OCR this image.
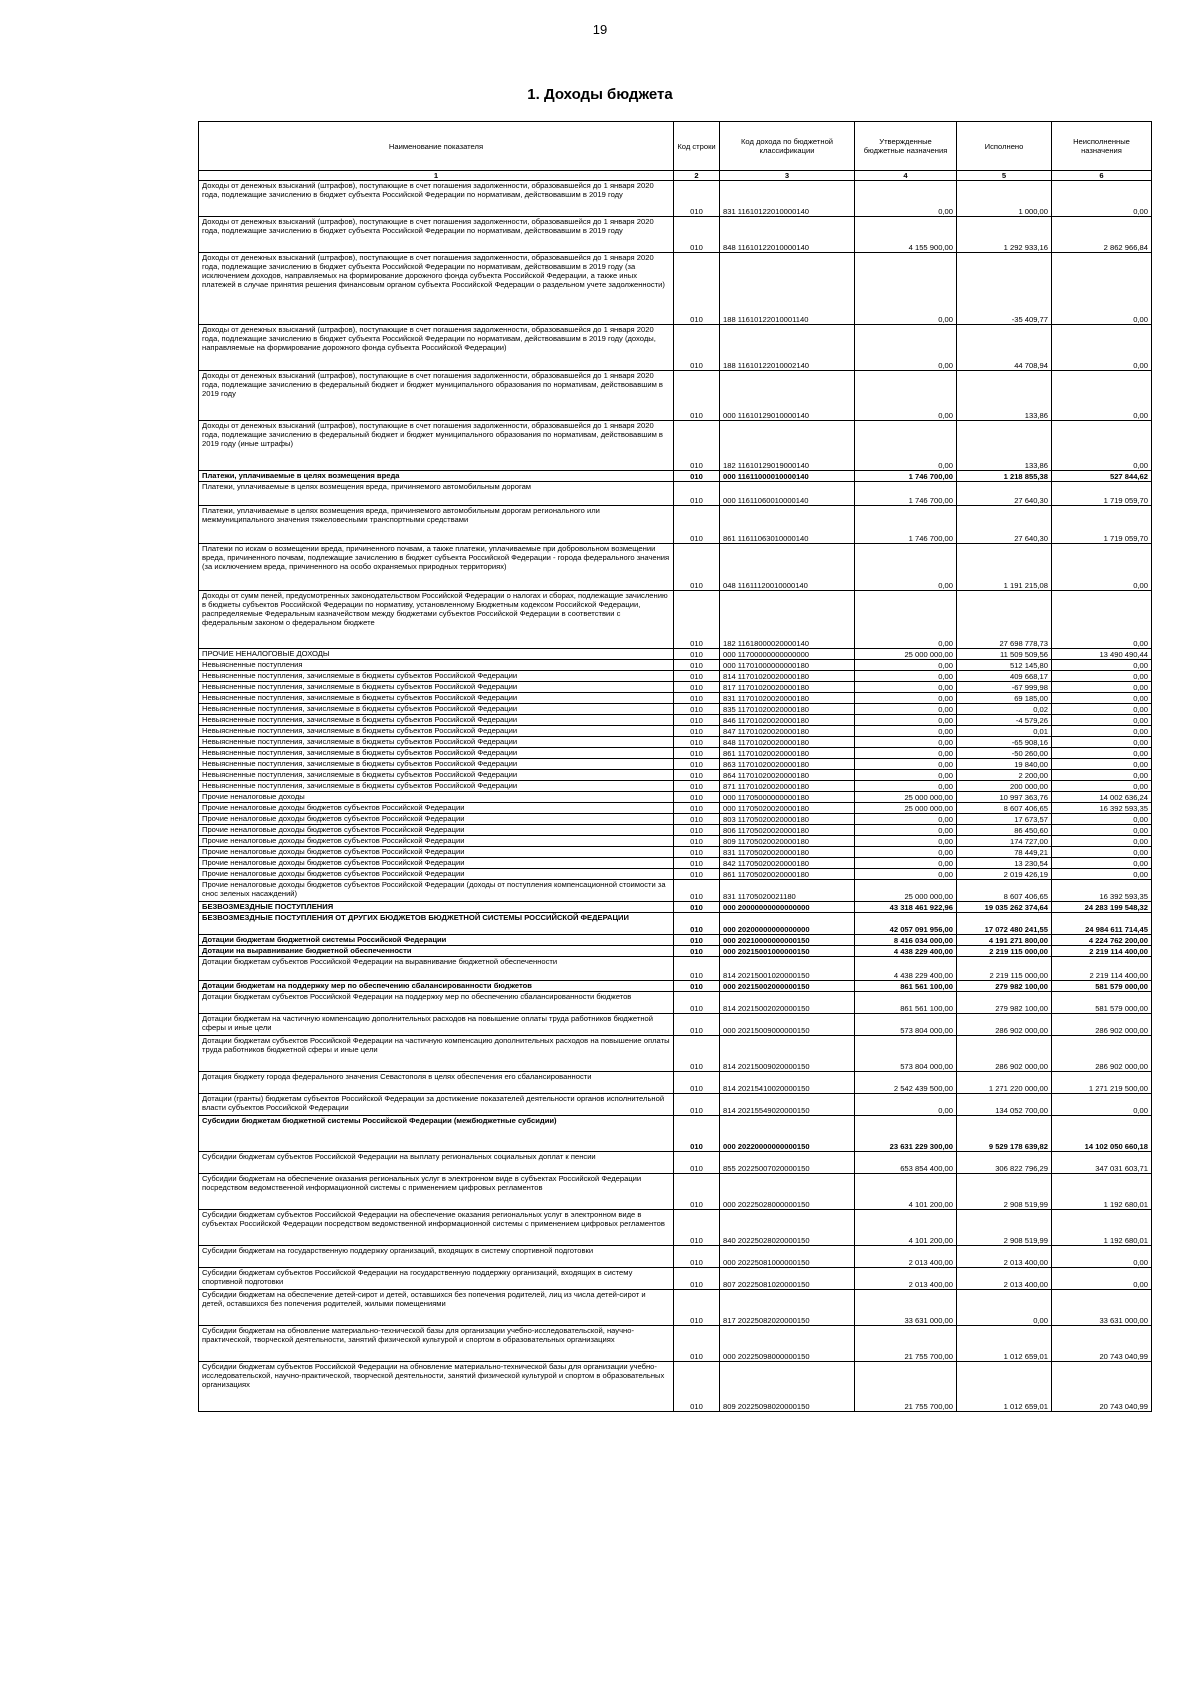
19
1. Доходы бюджета
Наименование показателя	Код строки	Код дохода по бюджетной классификации	Утвержденные бюджетные назначения	Исполнено	Неисполненные назначения
1	2	3	4	5	6
Доходы от денежных взысканий (штрафов), поступающие в счет погашения задолженности, образовавшейся до 1 января 2020 года, подлежащие зачислению в бюджет субъекта Российской Федерации по нормативам, действовавшим в 2019 году	010	831 11610122010000140	0,00	1 000,00	0,00
Доходы от денежных взысканий (штрафов), поступающие в счет погашения задолженности, образовавшейся до 1 января 2020 года, подлежащие зачислению в бюджет субъекта Российской Федерации по нормативам, действовавшим в 2019 году	010	848 11610122010000140	4 155 900,00	1 292 933,16	2 862 966,84
Доходы от денежных взысканий (штрафов), поступающие в счет погашения задолженности, образовавшейся до 1 января 2020 года, подлежащие зачислению в бюджет субъекта Российской Федерации по нормативам, действовавшим в 2019 году (за исключением доходов, направляемых на формирование дорожного фонда субъекта Российской Федерации, а также иных платежей в случае принятия решения финансовым органом субъекта Российской Федерации о раздельном учете задолженности)	010	188 11610122010001140	0,00	-35 409,77	0,00
Доходы от денежных взысканий (штрафов), поступающие в счет погашения задолженности, образовавшейся до 1 января 2020 года, подлежащие зачислению в бюджет субъекта Российской Федерации по нормативам, действовавшим в 2019 году (доходы, направляемые на формирование дорожного фонда субъекта Российской Федерации)	010	188 11610122010002140	0,00	44 708,94	0,00
Доходы от денежных взысканий (штрафов), поступающие в счет погашения задолженности, образовавшейся до 1 января 2020 года, подлежащие зачислению в федеральный бюджет и бюджет муниципального образования по нормативам, действовавшим в 2019 году	010	000 11610129010000140	0,00	133,86	0,00
Доходы от денежных взысканий (штрафов), поступающие в счет погашения задолженности, образовавшейся до 1 января 2020 года, подлежащие зачислению в федеральный бюджет и бюджет муниципального образования по нормативам, действовавшим в 2019 году (иные штрафы)	010	182 11610129019000140	0,00	133,86	0,00
Платежи, уплачиваемые в целях возмещения вреда	010	000 11611000010000140	1 746 700,00	1 218 855,38	527 844,62
Платежи, уплачиваемые в целях возмещения вреда, причиняемого автомобильным дорогам	010	000 11611060010000140	1 746 700,00	27 640,30	1 719 059,70
Платежи, уплачиваемые в целях возмещения вреда, причиняемого автомобильным дорогам регионального или межмуниципального значения тяжеловесными транспортными средствами	010	861 11611063010000140	1 746 700,00	27 640,30	1 719 059,70
Платежи по искам о возмещении вреда, причиненного почвам, а также платежи, уплачиваемые при добровольном возмещении вреда, причиненного почвам, подлежащие зачислению в бюджет субъекта Российской Федерации - города федерального значения (за исключением вреда, причиненного на особо охраняемых природных территориях)	010	048 11611120010000140	0,00	1 191 215,08	0,00
Доходы от сумм пеней, предусмотренных законодательством Российской Федерации о налогах и сборах, подлежащие зачислению в бюджеты субъектов Российской Федерации по нормативу, установленному Бюджетным кодексом Российской Федерации, распределяемые Федеральным казначейством между бюджетами субъектов Российской Федерации в соответствии с федеральным законом о федеральном бюджете	010	182 11618000020000140	0,00	27 698 778,73	0,00
ПРОЧИЕ НЕНАЛОГОВЫЕ ДОХОДЫ	010	000 11700000000000000	25 000 000,00	11 509 509,56	13 490 490,44
Невыясненные поступления	010	000 11701000000000180	0,00	512 145,80	0,00
Невыясненные поступления, зачисляемые в бюджеты субъектов Российской Федерации	010	814 11701020020000180	0,00	409 668,17	0,00
Невыясненные поступления, зачисляемые в бюджеты субъектов Российской Федерации	010	817 11701020020000180	0,00	-67 999,98	0,00
Невыясненные поступления, зачисляемые в бюджеты субъектов Российской Федерации	010	831 11701020020000180	0,00	69 185,00	0,00
Невыясненные поступления, зачисляемые в бюджеты субъектов Российской Федерации	010	835 11701020020000180	0,00	0,02	0,00
Невыясненные поступления, зачисляемые в бюджеты субъектов Российской Федерации	010	846 11701020020000180	0,00	-4 579,26	0,00
Невыясненные поступления, зачисляемые в бюджеты субъектов Российской Федерации	010	847 11701020020000180	0,00	0,01	0,00
Невыясненные поступления, зачисляемые в бюджеты субъектов Российской Федерации	010	848 11701020020000180	0,00	-65 908,16	0,00
Невыясненные поступления, зачисляемые в бюджеты субъектов Российской Федерации	010	861 11701020020000180	0,00	-50 260,00	0,00
Невыясненные поступления, зачисляемые в бюджеты субъектов Российской Федерации	010	863 11701020020000180	0,00	19 840,00	0,00
Невыясненные поступления, зачисляемые в бюджеты субъектов Российской Федерации	010	864 11701020020000180	0,00	2 200,00	0,00
Невыясненные поступления, зачисляемые в бюджеты субъектов Российской Федерации	010	871 11701020020000180	0,00	200 000,00	0,00
Прочие неналоговые доходы	010	000 11705000000000180	25 000 000,00	10 997 363,76	14 002 636,24
Прочие неналоговые доходы бюджетов субъектов Российской Федерации	010	000 11705020020000180	25 000 000,00	8 607 406,65	16 392 593,35
Прочие неналоговые доходы бюджетов субъектов Российской Федерации	010	803 11705020020000180	0,00	17 673,57	0,00
Прочие неналоговые доходы бюджетов субъектов Российской Федерации	010	806 11705020020000180	0,00	86 450,60	0,00
Прочие неналоговые доходы бюджетов субъектов Российской Федерации	010	809 11705020020000180	0,00	174 727,00	0,00
Прочие неналоговые доходы бюджетов субъектов Российской Федерации	010	831 11705020020000180	0,00	78 449,21	0,00
Прочие неналоговые доходы бюджетов субъектов Российской Федерации	010	842 11705020020000180	0,00	13 230,54	0,00
Прочие неналоговые доходы бюджетов субъектов Российской Федерации	010	861 11705020020000180	0,00	2 019 426,19	0,00
Прочие неналоговые доходы бюджетов субъектов Российской Федерации (доходы от поступления компенсационной стоимости за снос зеленых насаждений)	010	831 11705020021180	25 000 000,00	8 607 406,65	16 392 593,35
БЕЗВОЗМЕЗДНЫЕ ПОСТУПЛЕНИЯ	010	000 20000000000000000	43 318 461 922,96	19 035 262 374,64	24 283 199 548,32
БЕЗВОЗМЕЗДНЫЕ ПОСТУПЛЕНИЯ ОТ ДРУГИХ БЮДЖЕТОВ БЮДЖЕТНОЙ СИСТЕМЫ РОССИЙСКОЙ ФЕДЕРАЦИИ	010	000 20200000000000000	42 057 091 956,00	17 072 480 241,55	24 984 611 714,45
Дотации бюджетам бюджетной системы Российской Федерации	010	000 20210000000000150	8 416 034 000,00	4 191 271 800,00	4 224 762 200,00
Дотации на выравнивание бюджетной обеспеченности	010	000 20215001000000150	4 438 229 400,00	2 219 115 000,00	2 219 114 400,00
Дотации бюджетам субъектов Российской Федерации на выравнивание бюджетной обеспеченности	010	814 20215001020000150	4 438 229 400,00	2 219 115 000,00	2 219 114 400,00
Дотации бюджетам на поддержку мер по обеспечению сбалансированности бюджетов	010	000 20215002000000150	861 561 100,00	279 982 100,00	581 579 000,00
Дотации бюджетам субъектов Российской Федерации на поддержку мер по обеспечению сбалансированности бюджетов	010	814 20215002020000150	861 561 100,00	279 982 100,00	581 579 000,00
Дотации бюджетам на частичную компенсацию дополнительных расходов на повышение оплаты труда работников бюджетной сферы и иные цели	010	000 20215009000000150	573 804 000,00	286 902 000,00	286 902 000,00
Дотации бюджетам субъектов Российской Федерации на частичную компенсацию дополнительных расходов на повышение оплаты труда работников бюджетной сферы и иные цели	010	814 20215009020000150	573 804 000,00	286 902 000,00	286 902 000,00
Дотация бюджету города федерального значения Севастополя в целях обеспечения его сбалансированности	010	814 20215410020000150	2 542 439 500,00	1 271 220 000,00	1 271 219 500,00
Дотации (гранты) бюджетам субъектов Российской Федерации за достижение показателей деятельности органов исполнительной власти субъектов Российской Федерации	010	814 20215549020000150	0,00	134 052 700,00	0,00
Субсидии бюджетам бюджетной системы Российской Федерации (межбюджетные субсидии)	010	000 20220000000000150	23 631 229 300,00	9 529 178 639,82	14 102 050 660,18
Субсидии бюджетам субъектов Российской Федерации на выплату региональных социальных доплат к пенсии	010	855 20225007020000150	653 854 400,00	306 822 796,29	347 031 603,71
Субсидии бюджетам на обеспечение оказания региональных услуг в электронном виде в субъектах Российской Федерации посредством ведомственной информационной системы с применением цифровых регламентов	010	000 20225028000000150	4 101 200,00	2 908 519,99	1 192 680,01
Субсидии бюджетам субъектов Российской Федерации на обеспечение оказания региональных услуг в электронном виде в субъектах Российской Федерации посредством ведомственной информационной системы с применением цифровых регламентов	010	840 20225028020000150	4 101 200,00	2 908 519,99	1 192 680,01
Субсидии бюджетам на государственную поддержку организаций, входящих в систему спортивной подготовки	010	000 20225081000000150	2 013 400,00	2 013 400,00	0,00
Субсидии бюджетам субъектов Российской Федерации на государственную поддержку организаций, входящих в систему спортивной подготовки	010	807 20225081020000150	2 013 400,00	2 013 400,00	0,00
Субсидии бюджетам на обеспечение детей-сирот и детей, оставшихся без попечения родителей, лиц из числа детей-сирот и детей, оставшихся без попечения родителей, жилыми помещениями	010	817 20225082020000150	33 631 000,00	0,00	33 631 000,00
Субсидии бюджетам на обновление материально-технической базы для организации учебно-исследовательской, научно-практической, творческой деятельности, занятий физической культурой и спортом в образовательных организациях	010	000 20225098000000150	21 755 700,00	1 012 659,01	20 743 040,99
Субсидии бюджетам субъектов Российской Федерации на обновление материально-технической базы для организации учебно-исследовательской, научно-практической, творческой деятельности, занятий физической культурой и спортом в образовательных организациях	010	809 20225098020000150	21 755 700,00	1 012 659,01	20 743 040,99
